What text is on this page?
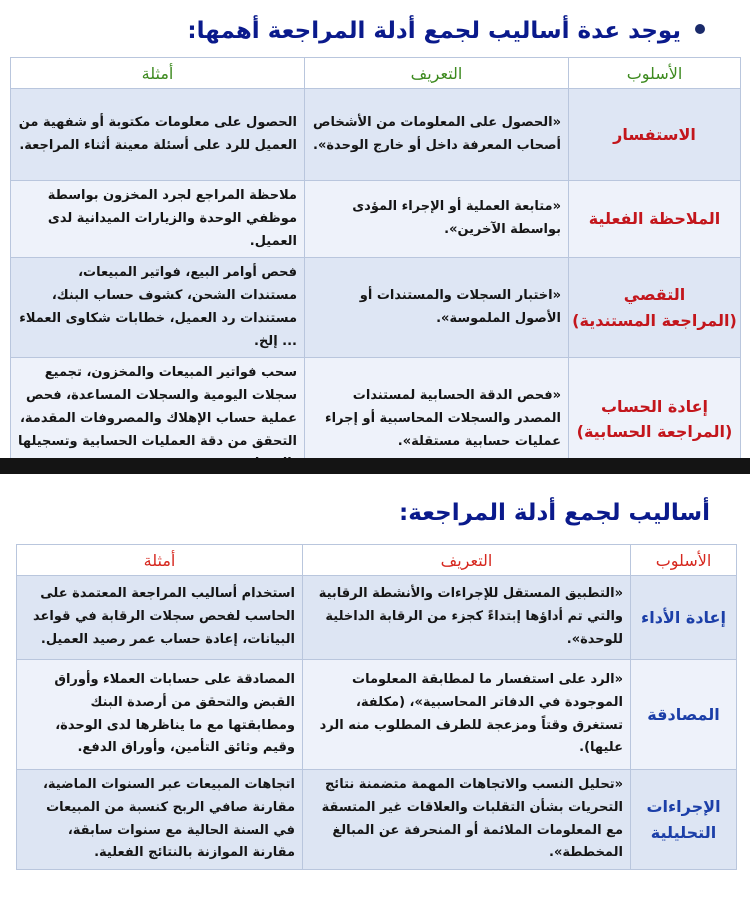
يوجد عدة أساليب لجمع أدلة المراجعة أهمها:
الأسلوب	التعريف	أمثلة
الاستفسار	«الحصول على المعلومات من الأشخاص أصحاب المعرفة داخل أو خارج الوحدة».	الحصول على معلومات مكتوبة أو شفهية من العميل للرد على أسئلة معينة أثناء المراجعة.
الملاحظة الفعلية	«متابعة العملية أو الإجراء المؤدى بواسطة الآخرين».	ملاحظة المراجع لجرد المخزون بواسطة موظفي الوحدة والزيارات الميدانية لدى العميل.
التقصي
(المراجعة المستندية)	«اختبار السجلات والمستندات أو الأصول الملموسة».	فحص أوامر البيع، فواتير المبيعات، مستندات الشحن، كشوف حساب البنك، مستندات رد العميل، خطابات شكاوى العملاء ... إلخ.
إعادة الحساب
(المراجعة الحسابية)	«فحص الدقة الحسابية لمستندات المصدر والسجلات المحاسبية أو إجراء عمليات حسابية مستقلة».	سحب فواتير المبيعات والمخزون، تجميع سجلات اليومية والسجلات المساعدة، فحص عملية حساب الإهلاك والمصروفات المقدمة، التحقق من دقة العمليات الحسابية وتسجيلها
أساليب لجمع أدلة المراجعة:
الأسلوب	التعريف	أمثلة
إعادة الأداء	«التطبيق المستقل للإجراءات والأنشطة الرقابية والتي تم أداؤها إبتداءً كجزء من الرقابة الداخلية للوحدة».	استخدام أساليب المراجعة المعتمدة على الحاسب لفحص سجلات الرقابة في قواعد البيانات، إعادة حساب عمر رصيد العميل.
المصادقة	«الرد على استفسار ما لمطابقة المعلومات الموجودة في الدفاتر المحاسبية»، (مكلفة، تستغرق وقتاً ومزعجة للطرف المطلوب منه الرد عليها).	المصادقة على حسابات العملاء وأوراق القبض والتحقق من أرصدة البنك ومطابقتها مع ما يناظرها لدى الوحدة، وقيم وثائق التأمين، وأوراق الدفع.
الإجراءات
التحليلية	«تحليل النسب والاتجاهات المهمة متضمنة نتائج التحريات بشأن التقلبات والعلاقات غير المتسقة مع المعلومات الملائمة أو المنحرفة عن المبالغ المخططة».	اتجاهات المبيعات عبر السنوات الماضية، مقارنة صافي الربح كنسبة من المبيعات في السنة الحالية مع سنوات سابقة، مقارنة الموازنة بالنتائج الفعلية.
